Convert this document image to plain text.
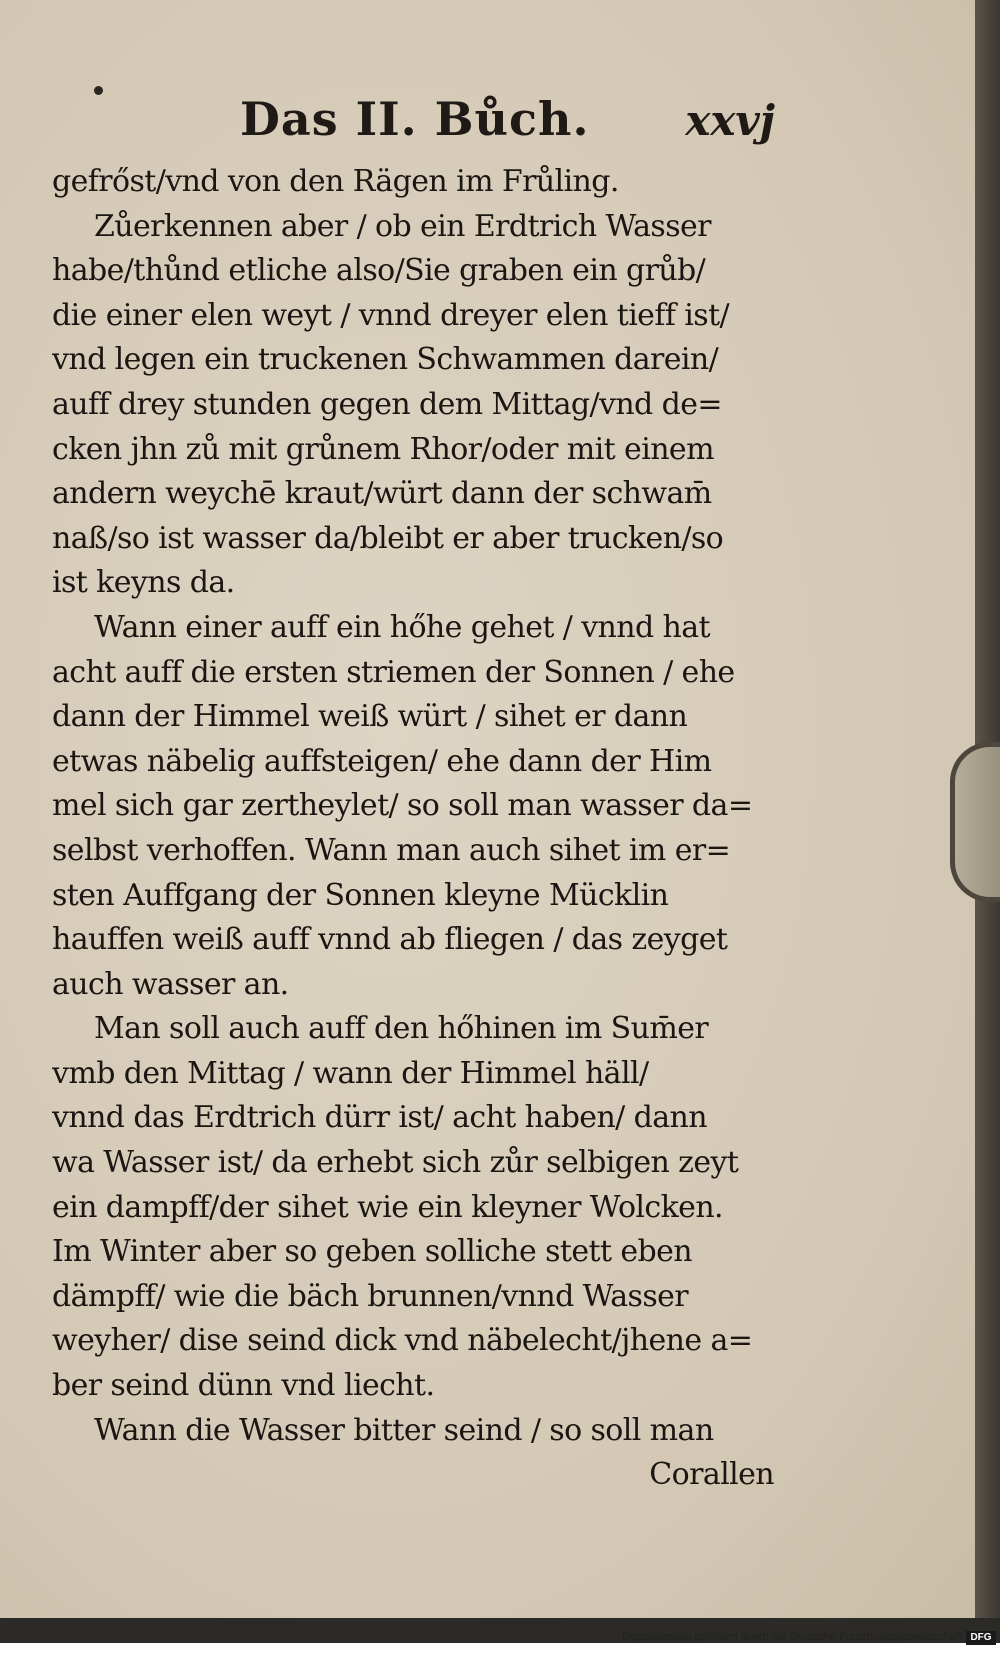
Das II. Bůch. xxvj
gefrőst/vnd von den Rägen im Frůling.
Zůerkennen aber / ob ein Erdtrich Wasser
habe/thůnd etliche also/Sie graben ein grůb/
die einer elen weyt / vnnd dreyer elen tieff ist/
vnd legen ein truckenen Schwammen darein/
auff drey stunden gegen dem Mittag/vnd de=
cken jhn zů mit grůnem Rhor/oder mit einem
andern weychē kraut/würt dann der schwam̄
naß/so ist wasser da/bleibt er aber trucken/so
ist keyns da.
Wann einer auff ein hőhe gehet / vnnd hat
acht auff die ersten striemen der Sonnen / ehe
dann der Himmel weiß würt / sihet er dann
etwas näbelig auffsteigen/ ehe dann der Him
mel sich gar zertheylet/ so soll man wasser da=
selbst verhoffen. Wann man auch sihet im er=
sten Auffgang der Sonnen kleyne Mücklin
hauffen weiß auff vnnd ab fliegen / das zeyget
auch wasser an.
Man soll auch auff den hőhinen im Sum̄er
vmb den Mittag / wann der Himmel häll/
vnnd das Erdtrich dürr ist/ acht haben/ dann
wa Wasser ist/ da erhebt sich zůr selbigen zeyt
ein dampff/der sihet wie ein kleyner Wolcken.
Im Winter aber so geben solliche stett eben
dämpff/ wie die bäch brunnen/vnnd Wasser
weyher/ dise seind dick vnd näbelecht/jhene a=
ber seind dünn vnd liecht.
Wann die Wasser bitter seind / so soll man
Corallen
Digitalisierung gefördert durch die Deutsche Forschungsgemeinschaft DFG
